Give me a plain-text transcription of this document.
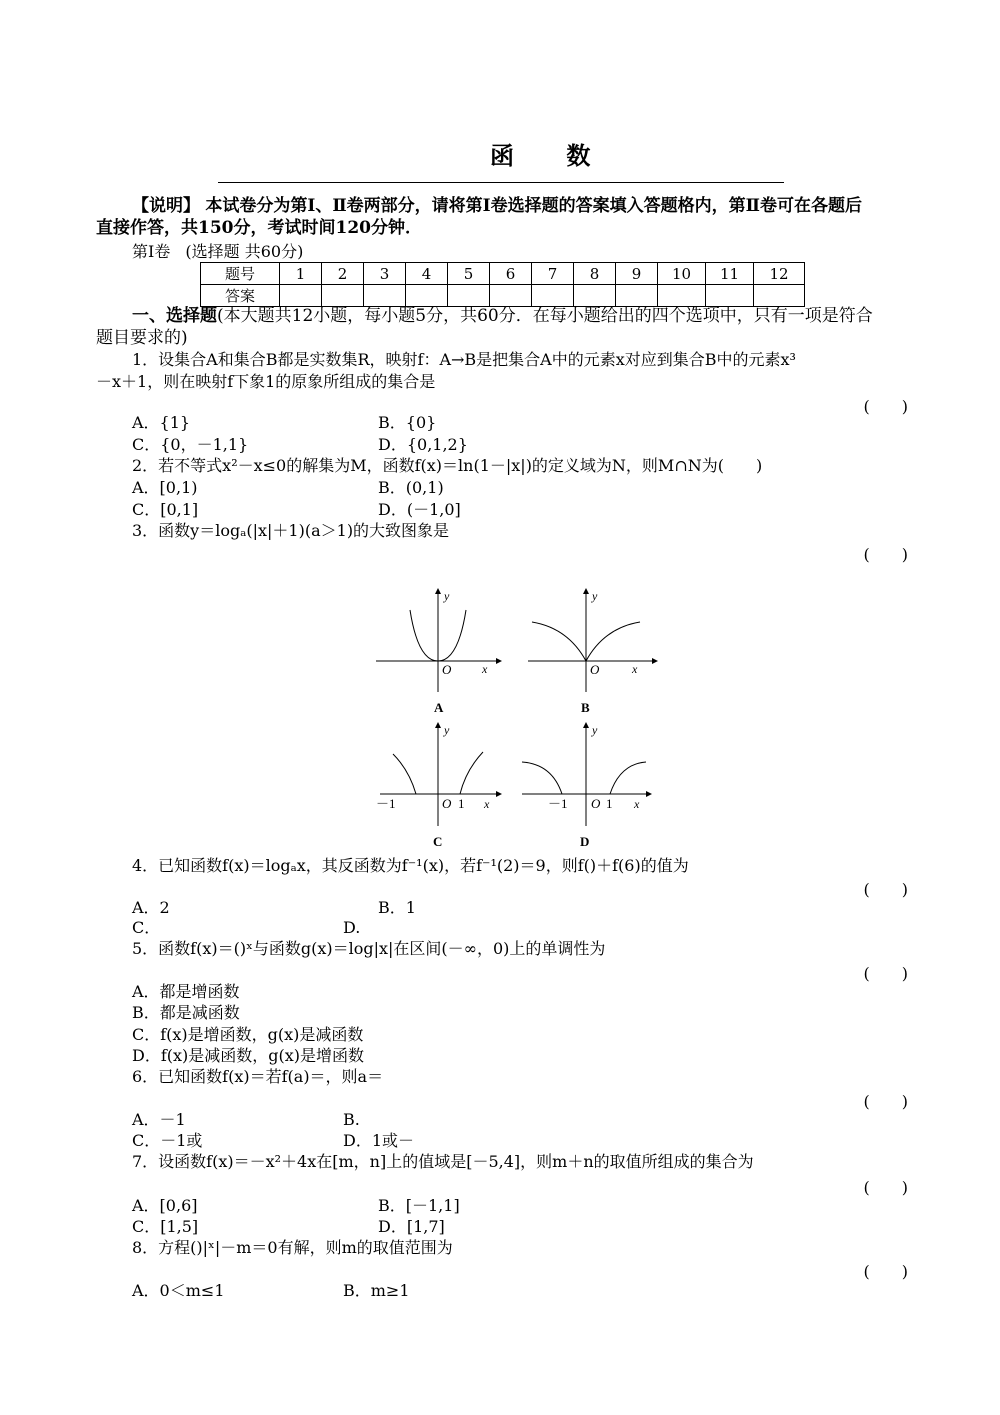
函 数
【说明】 本试卷分为第Ⅰ、Ⅱ卷两部分，请将第Ⅰ卷选择题的答案填入答题格内，第Ⅱ卷可在各题后
直接作答，共150分，考试时间120分钟．
第Ⅰ卷 (选择题 共60分)
题号	1	2	3	4	5	6	7	8	9	10	11	12
答案												
一、选择题(本大题共12小题，每小题5分，共60分．在每小题给出的四个选项中，只有一项是符合
题目要求的)
1．设集合A和集合B都是实数集R，映射f：A→B是把集合A中的元素x对应到集合B中的元素x³
－x＋1，则在映射f下象1的原象所组成的集合是
(　　)
A．{1}	B．{0}
C．{0，－1,1}	D．{0,1,2}
2．若不等式x²－x≤0的解集为M，函数f(x)＝ln(1－|x|)的定义域为N，则M∩N为(　　)
A．[0,1)	B．(0,1)
C．[0,1]	D．(－1,0]
3．函数y＝logₐ(|x|＋1)(a＞1)的大致图象是
(　　)
y
x
O
A
y
x
O
B
y
x
O
－1	1
C
y
x
O
－1	1
D
4．已知函数f(x)＝logₐx，其反函数为f⁻¹(x)，若f⁻¹(2)＝9，则f()＋f(6)的值为
(　　)
A．2	B．1
C．	D.
5．函数f(x)＝()ˣ与函数g(x)＝log|x|在区间(－∞，0)上的单调性为
(　　)
A．都是增函数
B．都是减函数
C．f(x)是增函数，g(x)是减函数
D．f(x)是减函数，g(x)是增函数
6．已知函数f(x)＝若f(a)＝，则a＝
(　　)
A．－1	B.
C．－1或	D．1或－
7．设函数f(x)＝－x²＋4x在[m，n]上的值域是[－5,4]，则m＋n的取值所组成的集合为
(　　)
A．[0,6]	B．[－1,1]
C．[1,5]	D．[1,7]
8．方程()|ˣ|－m＝0有解，则m的取值范围为
(　　)
A．0＜m≤1	B．m≥1
